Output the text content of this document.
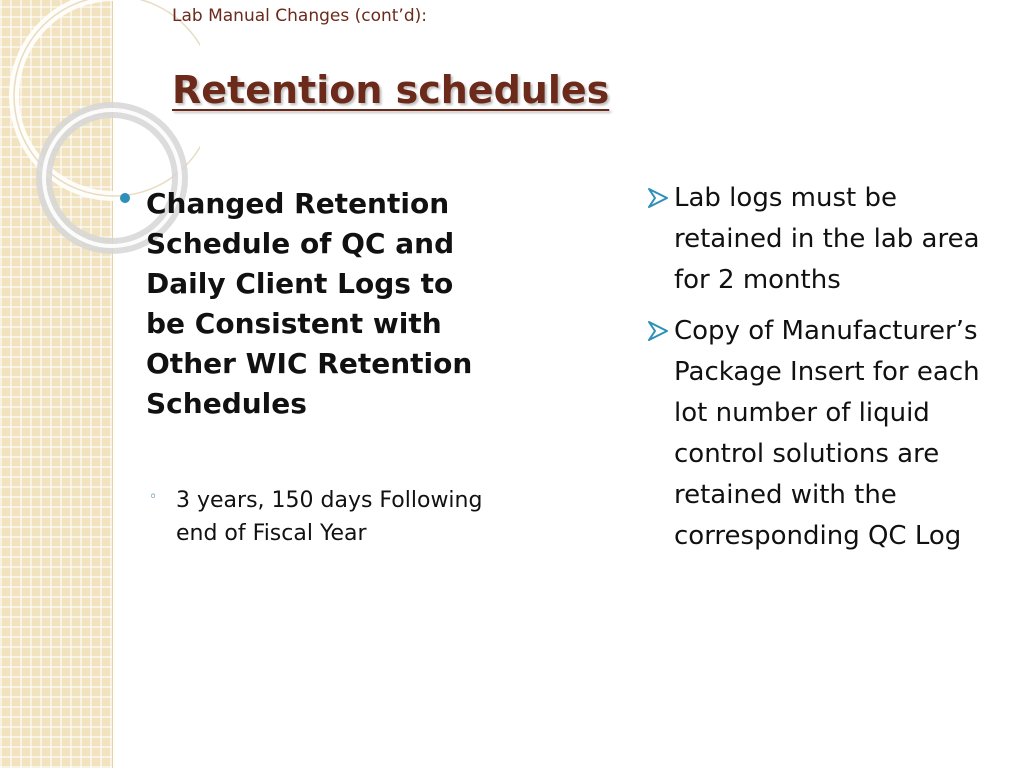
Lab Manual Changes (cont’d):
Retention schedules
Changed Retention Schedule of QC and Daily Client Logs to be Consistent with Other WIC Retention Schedules
◦ 3 years, 150 days Following end of Fiscal Year
Lab logs must be retained in the lab area for 2 months
Copy of Manufacturer’s Package Insert for each lot number of liquid control solutions are retained with the corresponding QC Log
